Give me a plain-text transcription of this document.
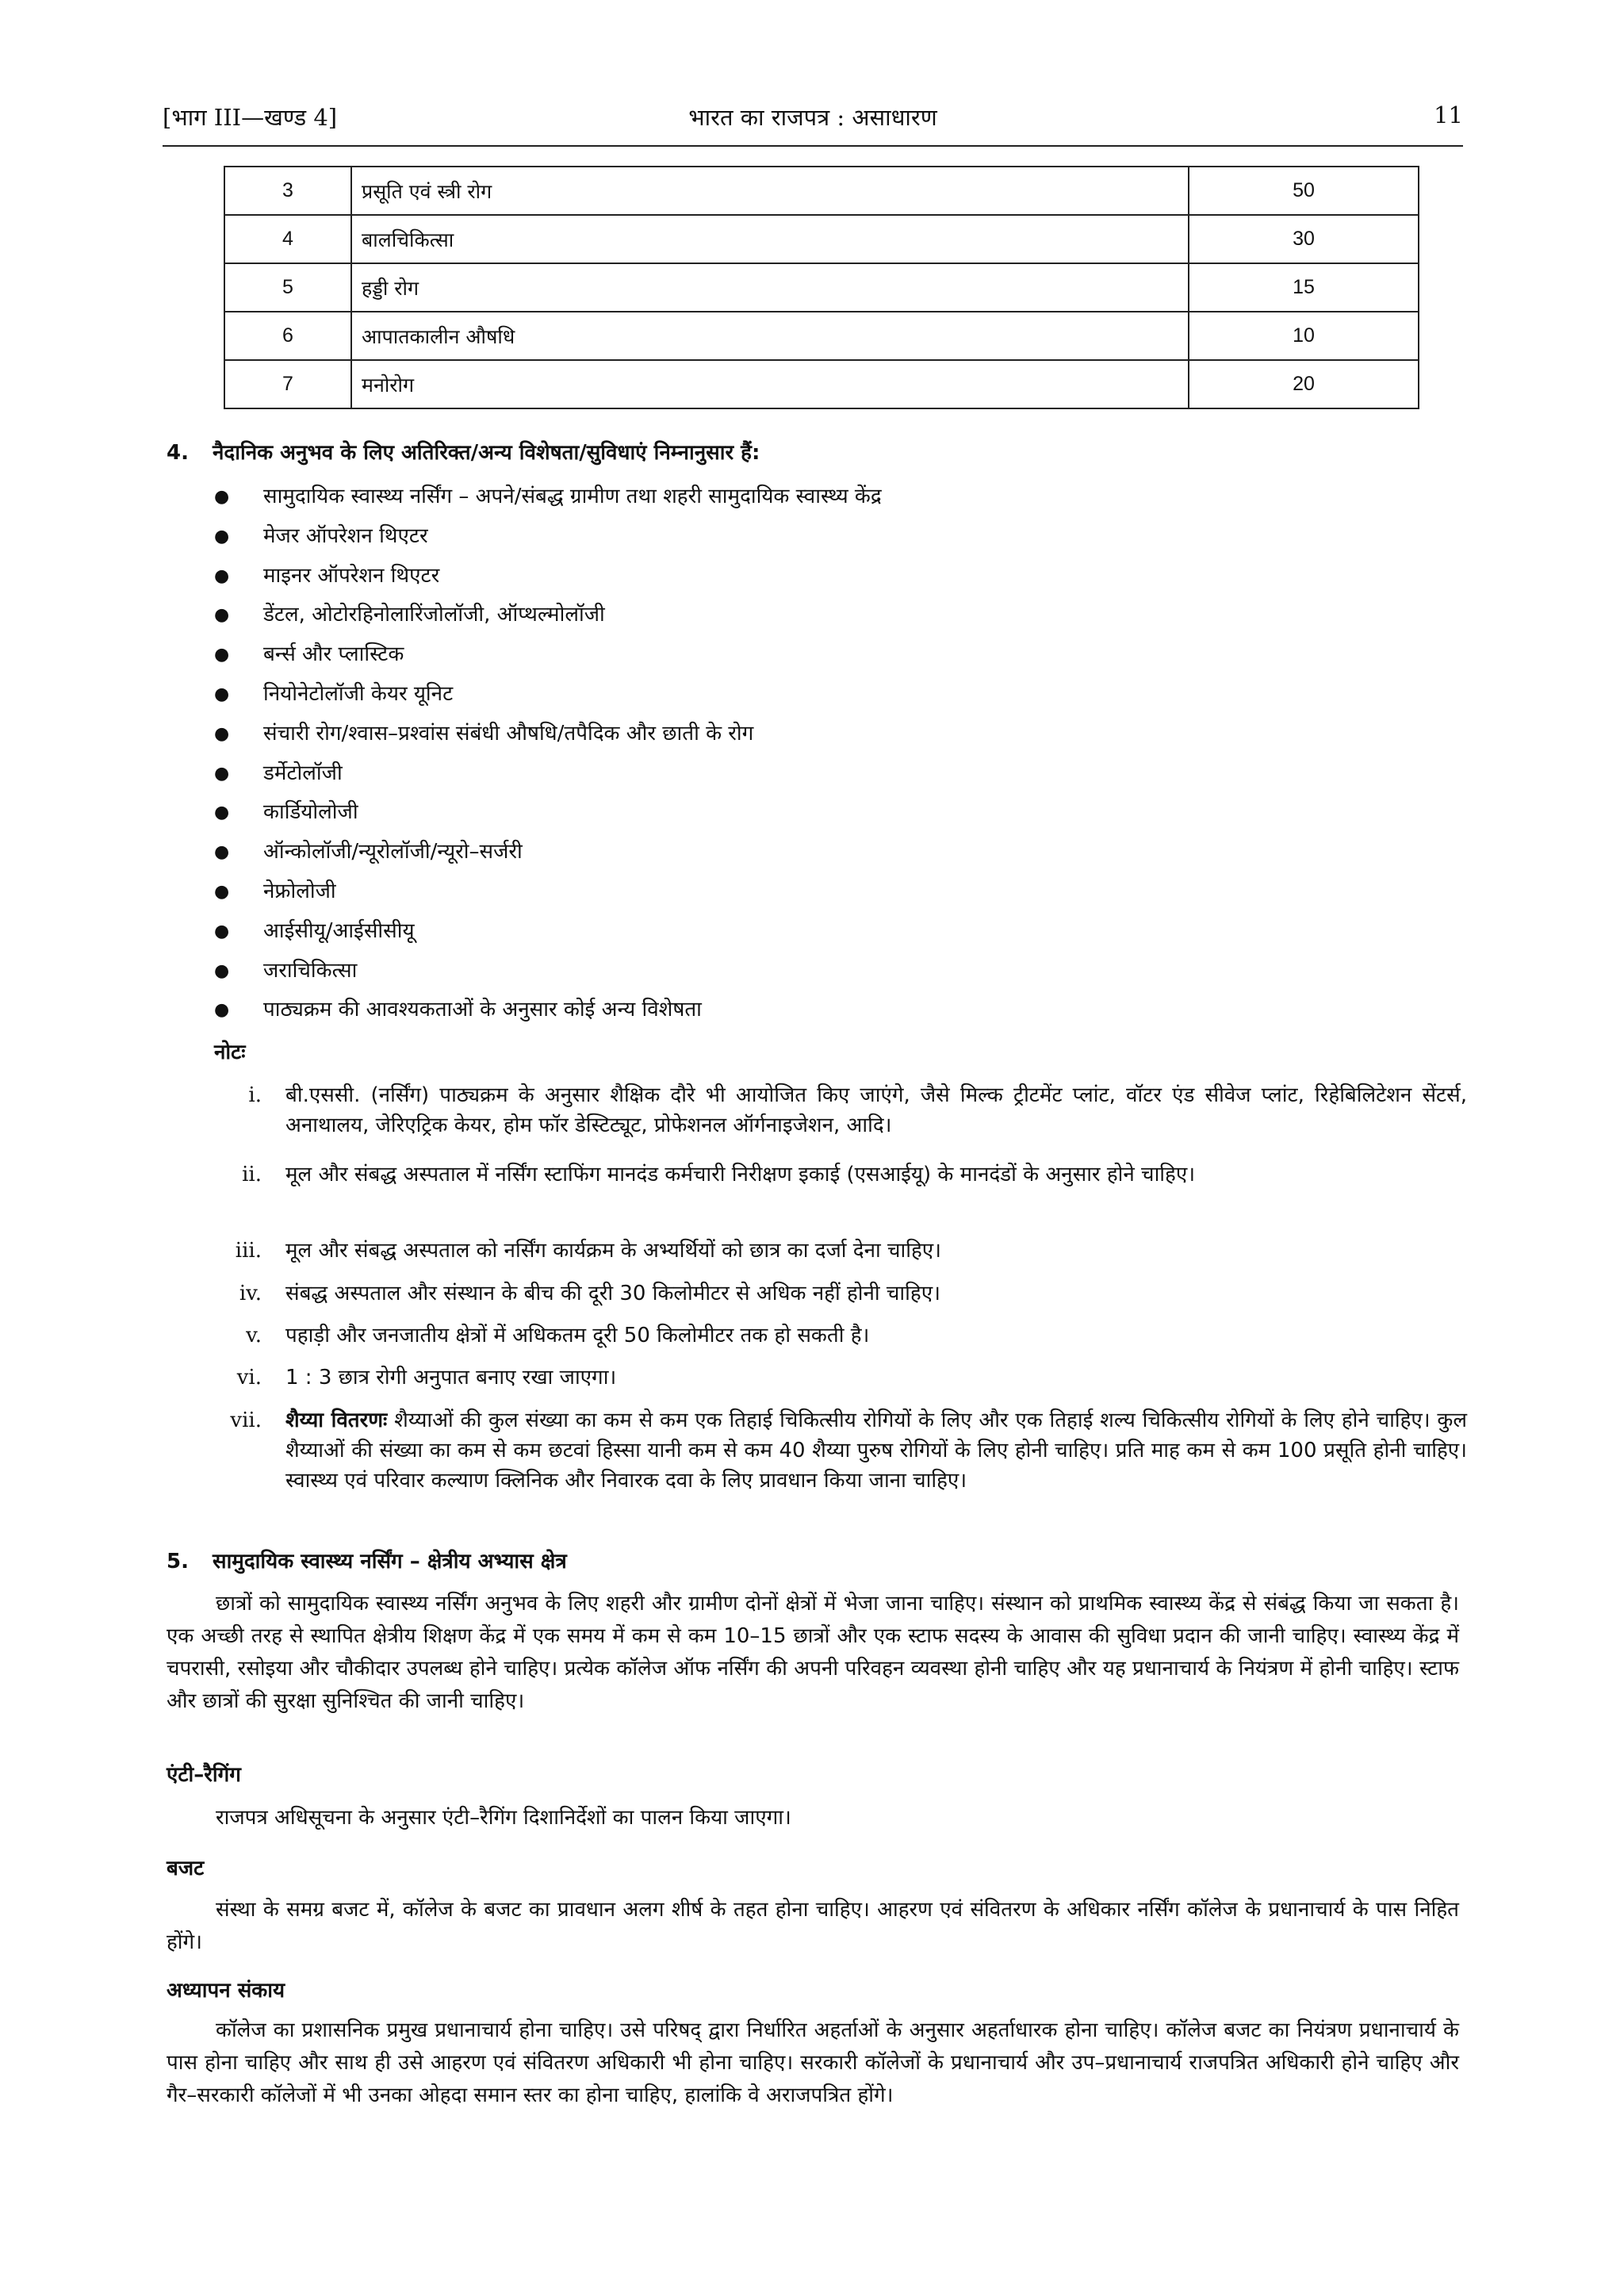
[भाग III—खण्ड 4]	भारत का राजपत्र : असाधारण	11
3	प्रसूति एवं स्त्री रोग	50
4	बालचिकित्सा	30
5	हड्डी रोग	15
6	आपातकालीन औषधि	10
7	मनोरोग	20
4. नैदानिक अनुभव के लिए अतिरिक्त/अन्य विशेषता/सुविधाएं निम्नानुसार हैं:
● सामुदायिक स्वास्थ्य नर्सिंग – अपने/संबद्ध ग्रामीण तथा शहरी सामुदायिक स्वास्थ्य केंद्र
● मेजर ऑपरेशन थिएटर
● माइनर ऑपरेशन थिएटर
● डेंटल, ओटोरहिनोलारिंजोलॉजी, ऑप्थल्मोलॉजी
● बर्न्स और प्लास्टिक
● नियोनेटोलॉजी केयर यूनिट
● संचारी रोग/श्वास–प्रश्वांस संबंधी औषधि/तपैदिक और छाती के रोग
● डर्मेटोलॉजी
● कार्डियोलोजी
● ऑन्कोलॉजी/न्यूरोलॉजी/न्यूरो–सर्जरी
● नेफ्रोलोजी
● आईसीयू/आईसीसीयू
● जराचिकित्सा
● पाठ्यक्रम की आवश्यकताओं के अनुसार कोई अन्य विशेषता
नोटः
i. बी.एससी. (नर्सिंग) पाठ्यक्रम के अनुसार शैक्षिक दौरे भी आयोजित किए जाएंगे, जैसे मिल्क ट्रीटमेंट प्लांट, वॉटर एंड सीवेज प्लांट, रिहेबिलिटेशन सेंटर्स, अनाथालय, जेरिएट्रिक केयर, होम फॉर डेस्टिट्यूट, प्रोफेशनल ऑर्गनाइजेशन, आदि।
ii. मूल और संबद्ध अस्पताल में नर्सिंग स्टाफिंग मानदंड कर्मचारी निरीक्षण इकाई (एसआईयू) के मानदंडों के अनुसार होने चाहिए।
iii. मूल और संबद्ध अस्पताल को नर्सिंग कार्यक्रम के अभ्यर्थियों को छात्र का दर्जा देना चाहिए।
iv. संबद्ध अस्पताल और संस्थान के बीच की दूरी 30 किलोमीटर से अधिक नहीं होनी चाहिए।
v. पहाड़ी और जनजातीय क्षेत्रों में अधिकतम दूरी 50 किलोमीटर तक हो सकती है।
vi. 1 : 3 छात्र रोगी अनुपात बनाए रखा जाएगा।
vii. शैय्या वितरणः शैय्याओं की कुल संख्या का कम से कम एक तिहाई चिकित्सीय रोगियों के लिए और एक तिहाई शल्य चिकित्सीय रोगियों के लिए होने चाहिए। कुल शैय्याओं की संख्या का कम से कम छटवां हिस्सा यानी कम से कम 40 शैय्या पुरुष रोगियों के लिए होनी चाहिए। प्रति माह कम से कम 100 प्रसूति होनी चाहिए। स्वास्थ्य एवं परिवार कल्याण क्लिनिक और निवारक दवा के लिए प्रावधान किया जाना चाहिए।
5. सामुदायिक स्वास्थ्य नर्सिंग – क्षेत्रीय अभ्यास क्षेत्र
छात्रों को सामुदायिक स्वास्थ्य नर्सिंग अनुभव के लिए शहरी और ग्रामीण दोनों क्षेत्रों में भेजा जाना चाहिए। संस्थान को प्राथमिक स्वास्थ्य केंद्र से संबंद्ध किया जा सकता है। एक अच्छी तरह से स्थापित क्षेत्रीय शिक्षण केंद्र में एक समय में कम से कम 10–15 छात्रों और एक स्टाफ सदस्य के आवास की सुविधा प्रदान की जानी चाहिए। स्वास्थ्य केंद्र में चपरासी, रसोइया और चौकीदार उपलब्ध होने चाहिए। प्रत्येक कॉलेज ऑफ नर्सिंग की अपनी परिवहन व्यवस्था होनी चाहिए और यह प्रधानाचार्य के नियंत्रण में होनी चाहिए। स्टाफ और छात्रों की सुरक्षा सुनिश्चित की जानी चाहिए।
एंटी–रैगिंग
राजपत्र अधिसूचना के अनुसार एंटी–रैगिंग दिशानिर्देशों का पालन किया जाएगा।
बजट
संस्था के समग्र बजट में, कॉलेज के बजट का प्रावधान अलग शीर्ष के तहत होना चाहिए। आहरण एवं संवितरण के अधिकार नर्सिंग कॉलेज के प्रधानाचार्य के पास निहित होंगे।
अध्यापन संकाय
कॉलेज का प्रशासनिक प्रमुख प्रधानाचार्य होना चाहिए। उसे परिषद् द्वारा निर्धारित अहर्ताओं के अनुसार अहर्ताधारक होना चाहिए। कॉलेज बजट का नियंत्रण प्रधानाचार्य के पास होना चाहिए और साथ ही उसे आहरण एवं संवितरण अधिकारी भी होना चाहिए। सरकारी कॉलेजों के प्रधानाचार्य और उप–प्रधानाचार्य राजपत्रित अधिकारी होने चाहिए और गैर–सरकारी कॉलेजों में भी उनका ओहदा समान स्तर का होना चाहिए, हालांकि वे अराजपत्रित होंगे।
